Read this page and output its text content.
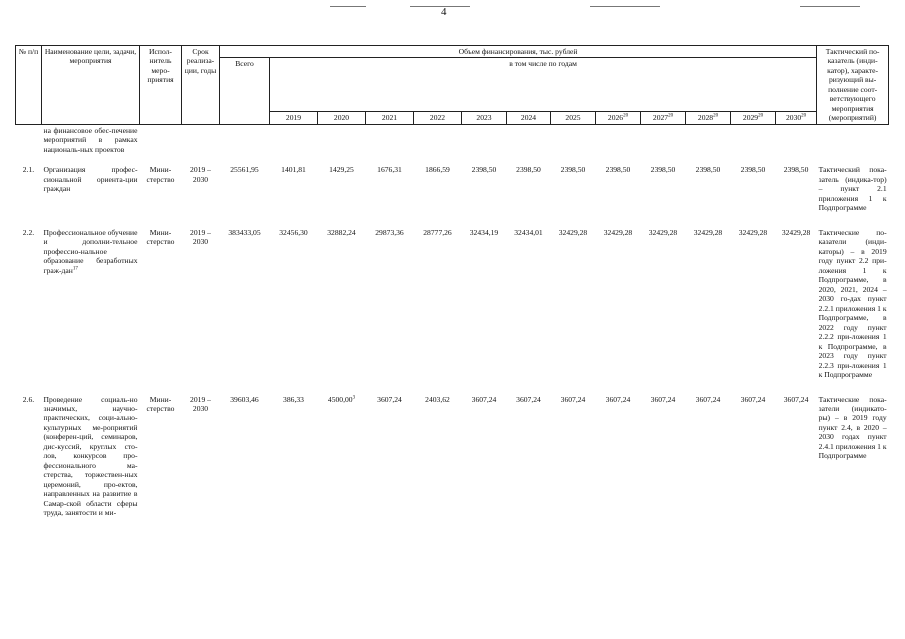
4
№ п/п	Наименование цели, задачи, мероприятия	Испол-нитель меро-приятия	Срок реализа-ции, годы	Объем финансирования, тыс. рублей													Тактический по-казатель (инди-катор), характе-ризующий вы-полнение соот-ветствующего мероприятия (мероприятий)
				Всего	в том числе по годам												
					2019	2020	2021	2022	2023	2024	2025	2026$^{20}$	2027$^{20}$	2028$^{20}$	2029$^{20}$	2030$^{20}$
	на финансовое обес-печение мероприятий в рамках националь-ных проектов																
2.1.	Организация профес-сиональной ориента-ции граждан	Мини-стерство	2019 – 2030	25561,95	1401,81	1429,25	1676,31	1866,59	2398,50	2398,50	2398,50	2398,50	2398,50	2398,50	2398,50	2398,50	Тактический пока-затель (индика-тор) – пункт 2.1 приложения 1 к Подпрограмме
2.2.	Профессиональное обучение и дополни-тельное профессио-нальное образование безработных граж-дан$^{17}$	Мини-стерство	2019 – 2030	383433,05	32456,30	32882,24	29873,36	28777,26	32434,19	32434,01	32429,28	32429,28	32429,28	32429,28	32429,28	32429,28	Тактические по-казатели (инди-каторы) – в 2019 году пункт 2.2 при-ложения 1 к Подпрограмме, в 2020, 2021, 2024 – 2030 го-дах пункт 2.2.1 приложения 1 к Подпрограмме, в 2022 году пункт 2.2.2 при-ложения 1 к Подпрограмме, в 2023 году пункт 2.2.3 при-ложения 1 к Подпрограмме
2.6.	Проведение социаль-но значимых, научно-практических, соци-ально-культурных ме-роприятий (конферен-ций, семинаров, дис-куссий, круглых сто-лов, конкурсов про-фессионального ма-стерства, торжествен-ных церемоний, про-ектов, направленных на развитие в Самар-ской области сферы труда, занятости и ми-	Мини-стерство	2019 – 2030	39603,46	386,33	4500,00$^3$	3607,24	2403,62	3607,24	3607,24	3607,24	3607,24	3607,24	3607,24	3607,24	3607,24	Тактические пока-затели (индикато-ры) – в 2019 году пункт 2.4, в 2020 – 2030 годах пункт 2.4.1 приложения 1 к Подпрограмме
